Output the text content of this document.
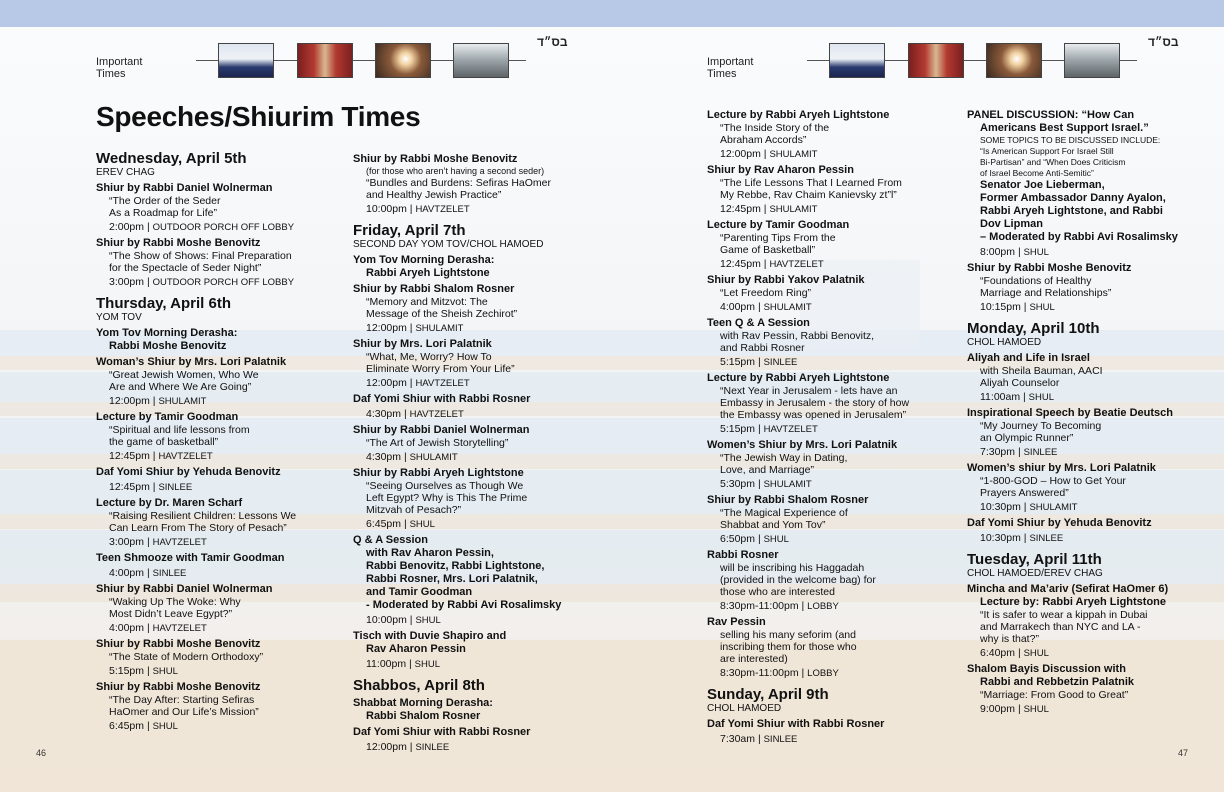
Important Times
בס״ד
Important Times
בס״ד
Speeches/Shiurim Times
Wednesday, April 5th
EREV CHAG
Shiur by Rabbi Daniel Wolnerman
“The Order of the Seder
As a Roadmap for Life”
2:00pm | OUTDOOR PORCH OFF LOBBY
Shiur by Rabbi Moshe Benovitz
“The Show of Shows: Final Preparation
for the Spectacle of Seder Night”
3:00pm | OUTDOOR PORCH OFF LOBBY
Thursday, April 6th
YOM TOV
Yom Tov Morning Derasha:
Rabbi Moshe Benovitz
Woman’s Shiur by Mrs. Lori Palatnik
“Great Jewish Women, Who We
Are and Where We Are Going”
12:00pm | SHULAMIT
Lecture by Tamir Goodman
“Spiritual and life lessons from
the game of basketball”
12:45pm | HAVTZELET
Daf Yomi Shiur by Yehuda Benovitz
12:45pm | SINLEE
Lecture by Dr. Maren Scharf
“Raising Resilient Children: Lessons We
Can Learn From The Story of Pesach”
3:00pm | HAVTZELET
Teen Shmooze with Tamir Goodman
4:00pm | SINLEE
Shiur by Rabbi Daniel Wolnerman
“Waking Up The Woke: Why
Most Didn’t Leave Egypt?”
4:00pm | HAVTZELET
Shiur by Rabbi Moshe Benovitz
“The State of Modern Orthodoxy”
5:15pm | SHUL
Shiur by Rabbi Moshe Benovitz
“The Day After: Starting Sefiras
HaOmer and Our Life’s Mission”
6:45pm | SHUL
Shiur by Rabbi Moshe Benovitz
(for those who aren’t having a second seder)
“Bundles and Burdens: Sefiras HaOmer
and Healthy Jewish Practice”
10:00pm | HAVTZELET
Friday, April 7th
SECOND DAY YOM TOV/CHOL HAMOED
Yom Tov Morning Derasha:
Rabbi Aryeh Lightstone
Shiur by Rabbi Shalom Rosner
“Memory and Mitzvot: The
Message of the Sheish Zechirot”
12:00pm | SHULAMIT
Shiur by Mrs. Lori Palatnik
“What, Me, Worry? How To
Eliminate Worry From Your Life”
12:00pm | HAVTZELET
Daf Yomi Shiur with Rabbi Rosner
4:30pm | HAVTZELET
Shiur by Rabbi Daniel Wolnerman
“The Art of Jewish Storytelling”
4:30pm | SHULAMIT
Shiur by Rabbi Aryeh Lightstone
“Seeing Ourselves as Though We
Left Egypt? Why is This The Prime
Mitzvah of Pesach?”
6:45pm | SHUL
Q & A Session
with Rav Aharon Pessin,
Rabbi Benovitz, Rabbi Lightstone,
Rabbi Rosner, Mrs. Lori Palatnik,
and Tamir Goodman
- Moderated by Rabbi Avi Rosalimsky
10:00pm | SHUL
Tisch with Duvie Shapiro and
Rav Aharon Pessin
11:00pm | SHUL
Shabbos, April 8th
Shabbat Morning Derasha:
Rabbi Shalom Rosner
Daf Yomi Shiur with Rabbi Rosner
12:00pm | SINLEE
Lecture by Rabbi Aryeh Lightstone
“The Inside Story of the
Abraham Accords”
12:00pm | SHULAMIT
Shiur by Rav Aharon Pessin
“The Life Lessons That I Learned From
My Rebbe, Rav Chaim Kanievsky zt”l”
12:45pm | SHULAMIT
Lecture by Tamir Goodman
“Parenting Tips From the
Game of Basketball”
12:45pm | HAVTZELET
Shiur by Rabbi Yakov Palatnik
“Let Freedom Ring”
4:00pm | SHULAMIT
Teen Q & A Session
with Rav Pessin, Rabbi Benovitz,
and Rabbi Rosner
5:15pm | SINLEE
Lecture by Rabbi Aryeh Lightstone
“Next Year in Jerusalem - lets have an
Embassy in Jerusalem - the story of how
the Embassy was opened in Jerusalem”
5:15pm | HAVTZELET
Women’s Shiur by Mrs. Lori Palatnik
“The Jewish Way in Dating,
Love, and Marriage”
5:30pm | SHULAMIT
Shiur by Rabbi Shalom Rosner
“The Magical Experience of
Shabbat and Yom Tov”
6:50pm | SHUL
Rabbi Rosner
will be inscribing his Haggadah
(provided in the welcome bag) for
those who are interested
8:30pm-11:00pm | LOBBY
Rav Pessin
selling his many seforim (and
inscribing them for those who
are interested)
8:30pm-11:00pm | LOBBY
Sunday, April 9th
CHOL HAMOED
Daf Yomi Shiur with Rabbi Rosner
7:30am | SINLEE
PANEL DISCUSSION: “How Can
Americans Best Support Israel.”
SOME TOPICS TO BE DISCUSSED INCLUDE:
“Is American Support For Israel Still
Bi-Partisan” and “When Does Criticism
of Israel Become Anti-Semitic”
Senator Joe Lieberman,
Former Ambassador Danny Ayalon,
Rabbi Aryeh Lightstone, and Rabbi
Dov Lipman
– Moderated by Rabbi Avi Rosalimsky
8:00pm | SHUL
Shiur by Rabbi Moshe Benovitz
“Foundations of Healthy
Marriage and Relationships”
10:15pm | SHUL
Monday, April 10th
CHOL HAMOED
Aliyah and Life in Israel
with Sheila Bauman, AACI
Aliyah Counselor
11:00am | SHUL
Inspirational Speech by Beatie Deutsch
“My Journey To Becoming
an Olympic Runner”
7:30pm | SINLEE
Women’s shiur by Mrs. Lori Palatnik
“1-800-GOD – How to Get Your
Prayers Answered”
10:30pm | SHULAMIT
Daf Yomi Shiur by Yehuda Benovitz
10:30pm | SINLEE
Tuesday, April 11th
CHOL HAMOED/EREV CHAG
Mincha and Ma’ariv (Sefirat HaOmer 6)
Lecture by: Rabbi Aryeh Lightstone
“It is safer to wear a kippah in Dubai
and Marrakech than NYC and LA -
why is that?”
6:40pm | SHUL
Shalom Bayis Discussion with
Rabbi and Rebbetzin Palatnik
“Marriage: From Good to Great”
9:00pm | SHUL
46	47
